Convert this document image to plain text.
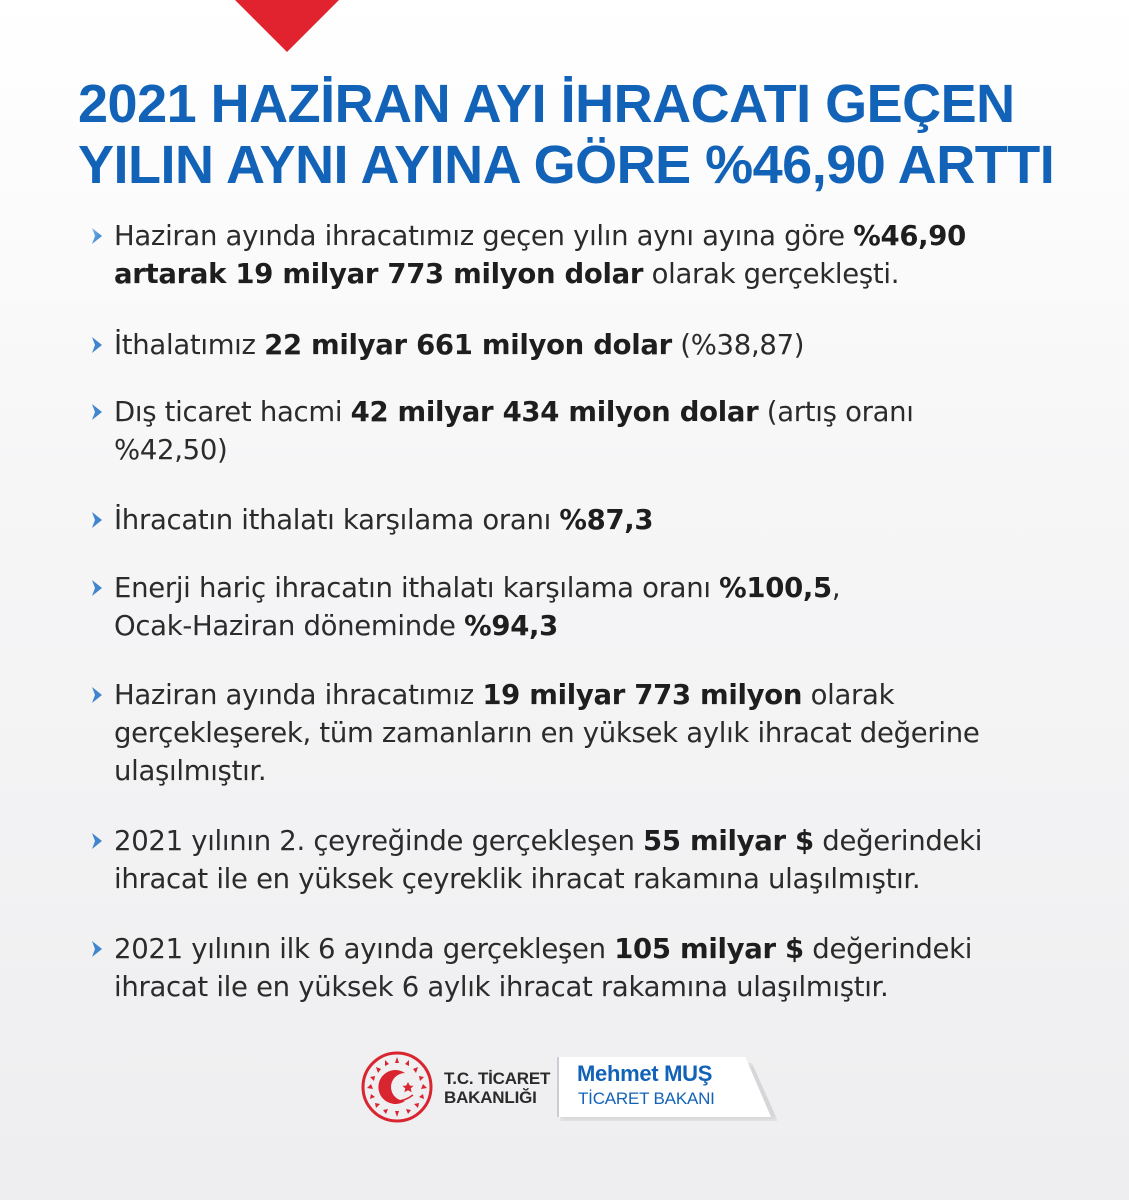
2021 HAZİRAN AYI İHRACATI GEÇEN
YILIN AYNI AYINA GÖRE %46,90 ARTTI
Haziran ayında ihracatımız geçen yılın aynı ayına göre %46,90
artarak 19 milyar 773 milyon dolar olarak gerçekleşti.
İthalatımız 22 milyar 661 milyon dolar (%38,87)
Dış ticaret hacmi 42 milyar 434 milyon dolar (artış oranı
%42,50)
İhracatın ithalatı karşılama oranı %87,3
Enerji hariç ihracatın ithalatı karşılama oranı %100,5,
Ocak-Haziran döneminde %94,3
Haziran ayında ihracatımız 19 milyar 773 milyon olarak
gerçekleşerek, tüm zamanların en yüksek aylık ihracat değerine
ulaşılmıştır.
2021 yılının 2. çeyreğinde gerçekleşen 55 milyar $ değerindeki
ihracat ile en yüksek çeyreklik ihracat rakamına ulaşılmıştır.
2021 yılının ilk 6 ayında gerçekleşen 105 milyar $ değerindeki
ihracat ile en yüksek 6 aylık ihracat rakamına ulaşılmıştır.
T.C. TİCARET
BAKANLIĞI
Mehmet MUŞ
TİCARET BAKANI
